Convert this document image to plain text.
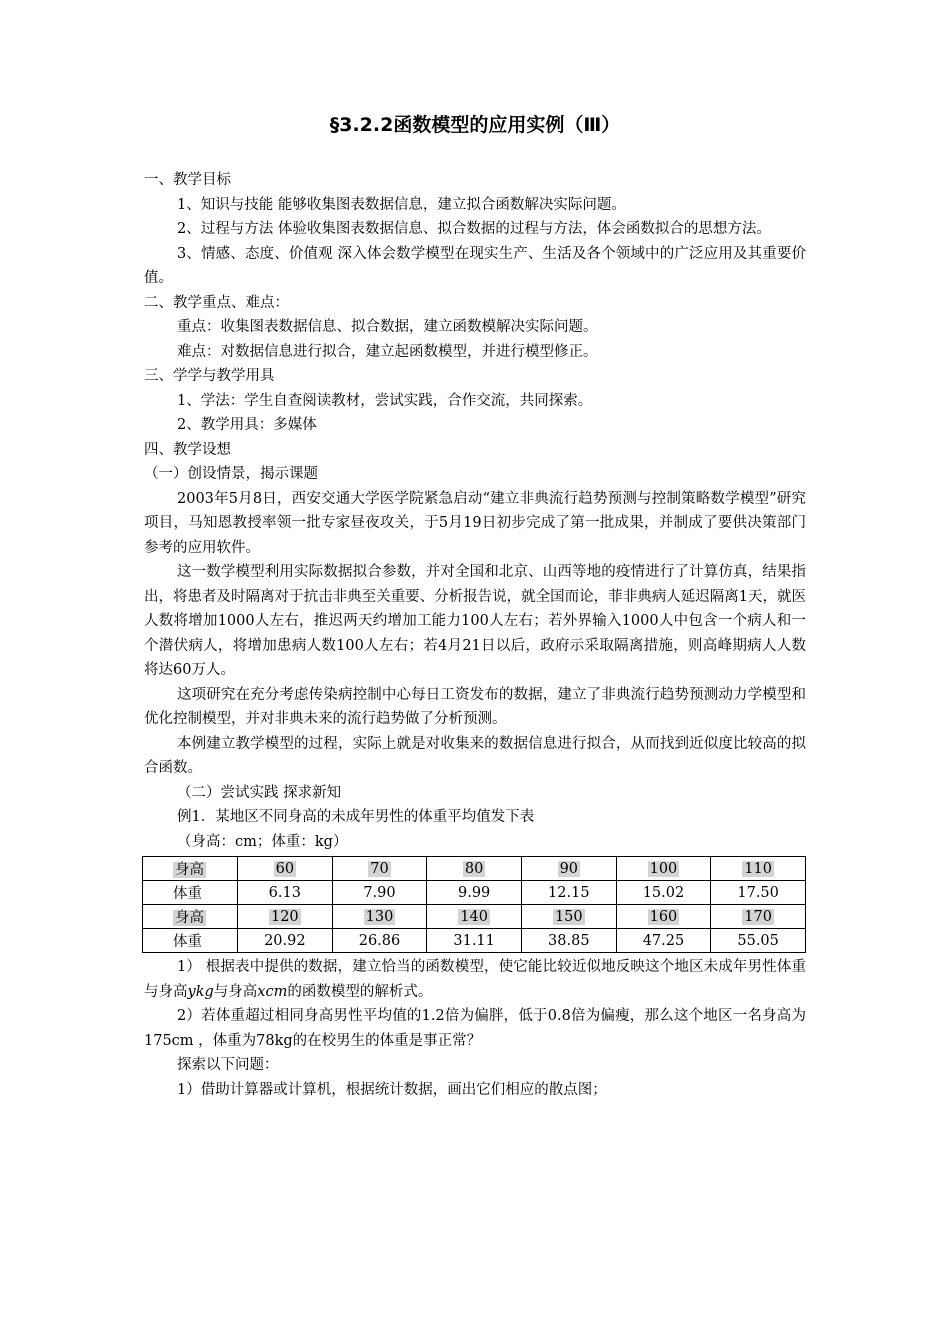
§3.2.2函数模型的应用实例（Ⅲ）

一、教学目标

1、知识与技能 能够收集图表数据信息，建立拟合函数解决实际问题。

2、过程与方法 体验收集图表数据信息、拟合数据的过程与方法，体会函数拟合的思想方法。

3、情感、态度、价值观 深入体会数学模型在现实生产、生活及各个领域中的广泛应用及其重要价值。

二、教学重点、难点：

重点：收集图表数据信息、拟合数据，建立函数模解决实际问题。

难点：对数据信息进行拟合，建立起函数模型，并进行模型修正。

三、学学与教学用具

1、学法：学生自查阅读教材，尝试实践，合作交流，共同探索。

2、教学用具：多媒体

四、教学设想

（一）创设情景，揭示课题

2003年5月8日，西安交通大学医学院紧急启动“建立非典流行趋势预测与控制策略数学模型”研究项目，马知恩教授率领一批专家昼夜攻关，于5月19日初步完成了第一批成果，并制成了要供决策部门参考的应用软件。

这一数学模型利用实际数据拟合参数，并对全国和北京、山西等地的疫情进行了计算仿真，结果指出，将患者及时隔离对于抗击非典至关重要、分析报告说，就全国而论，菲非典病人延迟隔离1天，就医人数将增加1000人左右，推迟两天约增加工能力100人左右；若外界输入1000人中包含一个病人和一个潜伏病人，将增加患病人数100人左右；若4月21日以后，政府示采取隔离措施，则高峰期病人人数将达60万人。

这项研究在充分考虑传染病控制中心每日工资发布的数据，建立了非典流行趋势预测动力学模型和优化控制模型，并对非典未来的流行趋势做了分析预测。

本例建立教学模型的过程，实际上就是对收集来的数据信息进行拟合，从而找到近似度比较高的拟合函数。

（二）尝试实践 探求新知

例1．某地区不同身高的未成年男性的体重平均值发下表

（身高：cm；体重：kg）

身高	60	70	80	90	100	110
体重	6.13	7.90	9.99	12.15	15.02	17.50
身高	120	130	140	150	160	170
体重	20.92	26.86	31.11	38.85	47.25	55.05

1） 根据表中提供的数据，建立恰当的函数模型，使它能比较近似地反映这个地区未成年男性体重与身高ykg与身高xcm的函数模型的解析式。

2）若体重超过相同身高男性平均值的1.2倍为偏胖，低于0.8倍为偏瘦，那么这个地区一名身高为175cm ，体重为78kg的在校男生的体重是事正常？

探索以下问题：

1）借助计算器或计算机，根据统计数据，画出它们相应的散点图；
